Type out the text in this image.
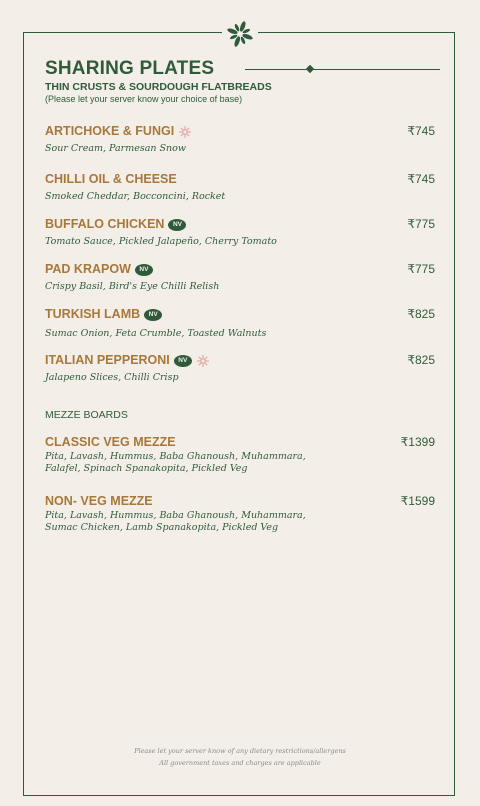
SHARING PLATES
THIN CRUSTS & SOURDOUGH FLATBREADS
(Please let your server know your choice of base)
ARTICHOKE & FUNGI
Sour Cream, Parmesan Snow
₹745
CHILLI OIL & CHEESE
Smoked Cheddar, Bocconcini, Rocket
₹745
BUFFALO CHICKEN	NV
Tomato Sauce, Pickled Jalapeño, Cherry Tomato
₹775
PAD KRAPOW	NV
Crispy Basil, Bird's Eye Chilli Relish
₹775
TURKISH LAMB	NV
Sumac Onion, Feta Crumble, Toasted Walnuts
₹825
ITALIAN PEPPERONI	NV
Jalapeno Slices, Chilli Crisp
₹825
MEZZE BOARDS
CLASSIC VEG MEZZE
Pita, Lavash, Hummus, Baba Ghanoush, Muhammara, Falafel, Spinach Spanakopita, Pickled Veg
₹1399
NON- VEG MEZZE
Pita, Lavash, Hummus, Baba Ghanoush, Muhammara, Sumac Chicken, Lamb Spanakopita, Pickled Veg
₹1599
Please let your server know of any dietary restrictions/allergens
All government taxes and charges are applicable
